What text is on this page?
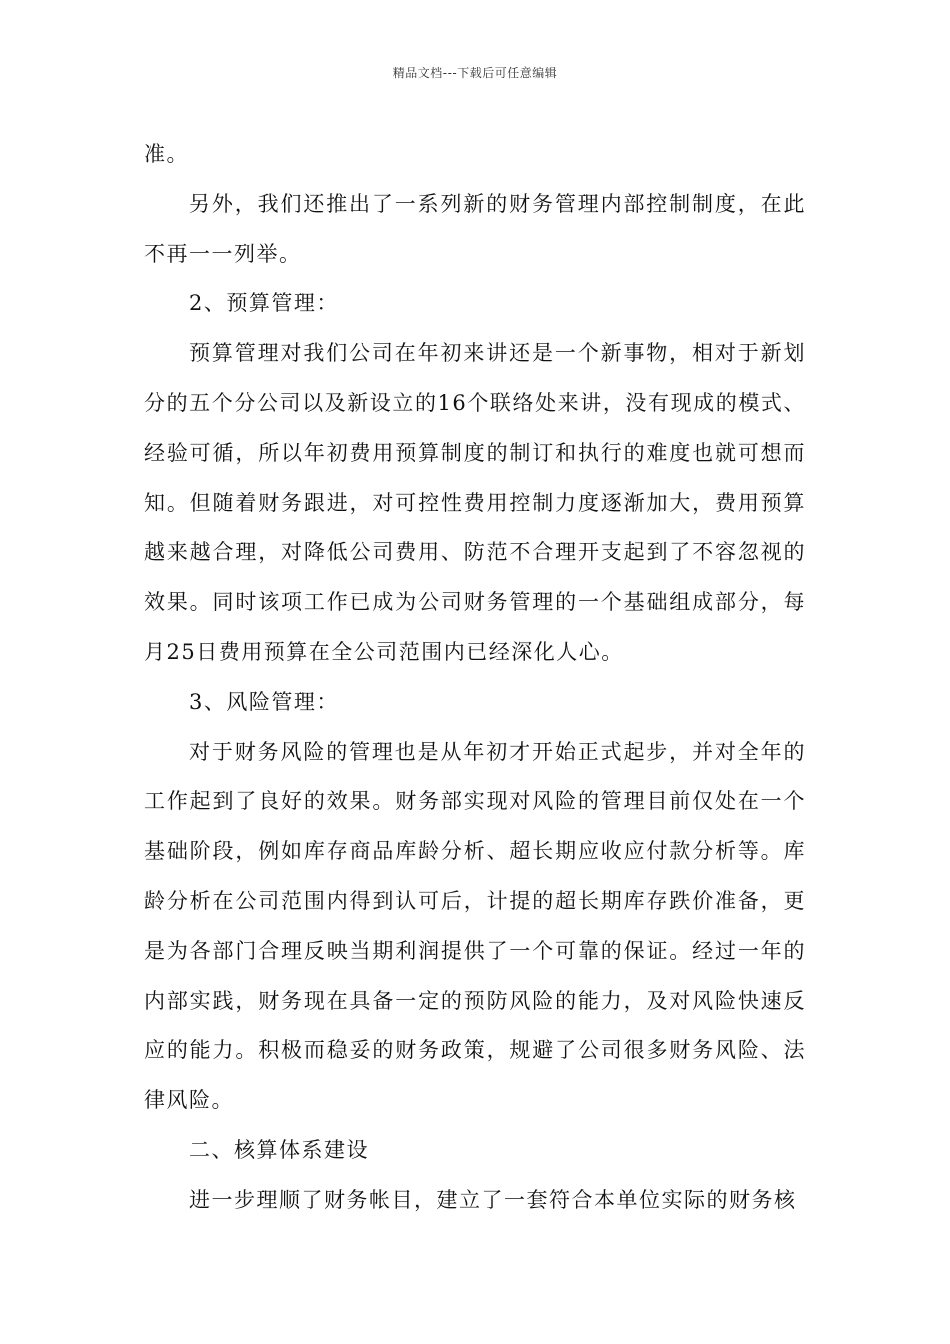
精品文档---下载后可任意编辑

准。

另外，我们还推出了一系列新的财务管理内部控制制度，在此不再一一列举。

2、预算管理：

预算管理对我们公司在年初来讲还是一个新事物，相对于新划分的五个分公司以及新设立的16个联络处来讲，没有现成的模式、经验可循，所以年初费用预算制度的制订和执行的难度也就可想而知。但随着财务跟进，对可控性费用控制力度逐渐加大，费用预算越来越合理，对降低公司费用、防范不合理开支起到了不容忽视的效果。同时该项工作已成为公司财务管理的一个基础组成部分，每月25日费用预算在全公司范围内已经深化人心。

3、风险管理：

对于财务风险的管理也是从年初才开始正式起步，并对全年的工作起到了良好的效果。财务部实现对风险的管理目前仅处在一个基础阶段，例如库存商品库龄分析、超长期应收应付款分析等。库龄分析在公司范围内得到认可后，计提的超长期库存跌价准备，更是为各部门合理反映当期利润提供了一个可靠的保证。经过一年的内部实践，财务现在具备一定的预防风险的能力，及对风险快速反应的能力。积极而稳妥的财务政策，规避了公司很多财务风险、法律风险。

二、核算体系建设

进一步理顺了财务帐目，建立了一套符合本单位实际的财务核
